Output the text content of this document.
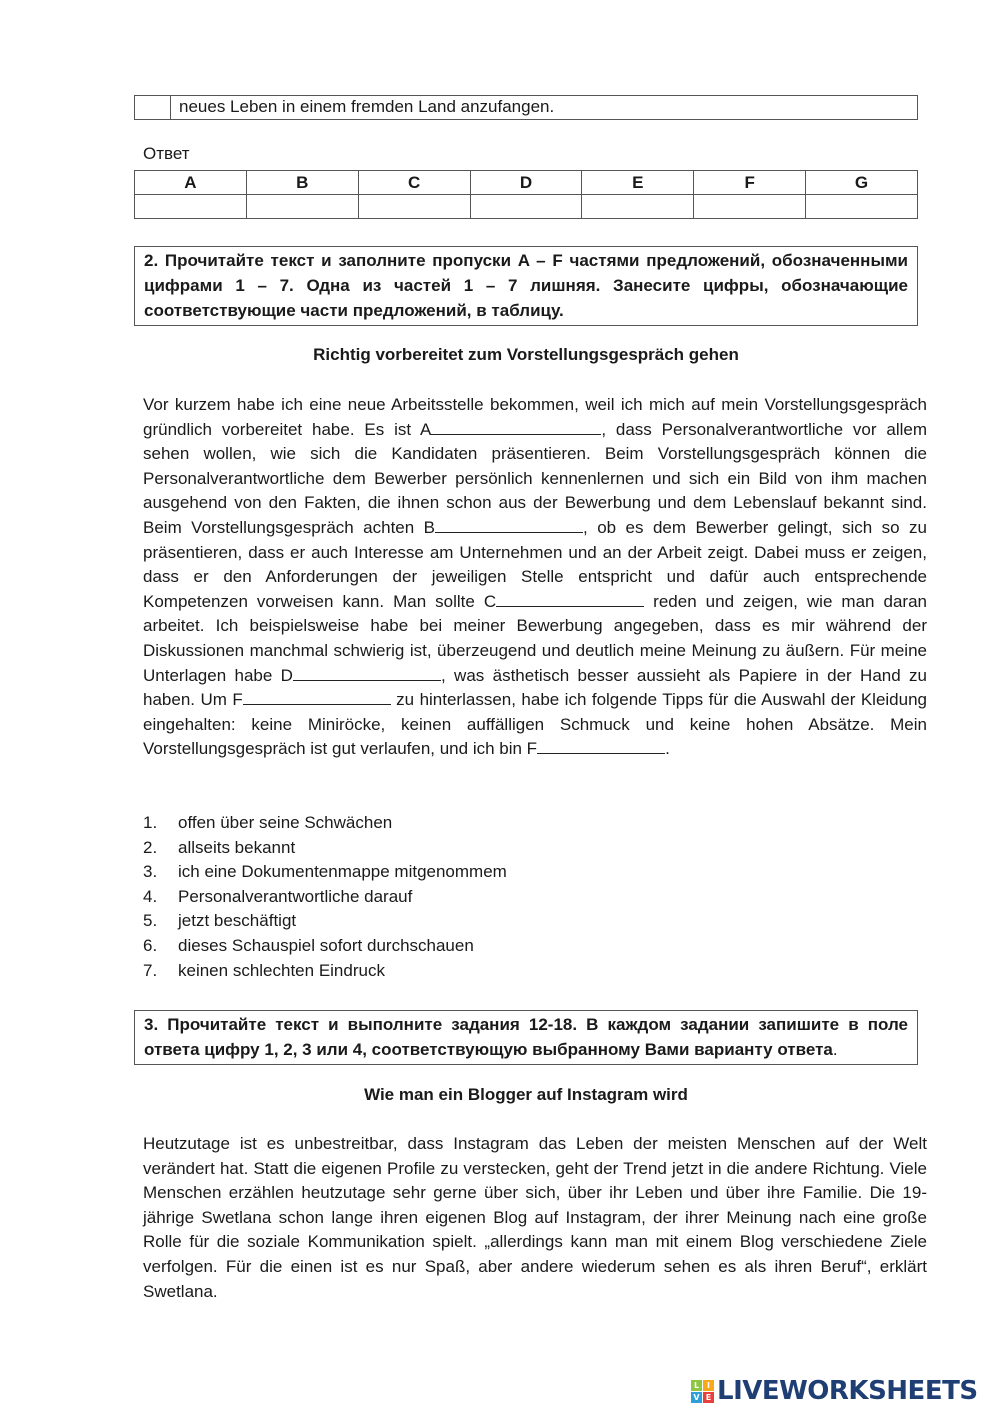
neues Leben in einem fremden Land anzufangen.
Ответ
A	B	C	D	E	F	G

2. Прочитайте текст и заполните пропуски A – F частями предложений, обозначенными цифрами 1 – 7. Одна из частей 1 – 7 лишняя. Занесите цифры, обозначающие соответствующие части предложений, в таблицу.
Richtig vorbereitet zum Vorstellungsgespräch gehen
Vor kurzem habe ich eine neue Arbeitsstelle bekommen, weil ich mich auf mein Vorstellungsgespräch gründlich vorbereitet habe. Es ist A	, dass Personalverantwortliche vor allem sehen wollen, wie sich die Kandidaten präsentieren. Beim Vorstellungsgespräch können die Personalverantwortliche dem Bewerber persönlich kennenlernen und sich ein Bild von ihm machen ausgehend von den Fakten, die ihnen schon aus der Bewerbung und dem Lebenslauf bekannt sind. Beim Vorstellungsgespräch achten B	, ob es dem Bewerber gelingt, sich so zu präsentieren, dass er auch Interesse am Unternehmen und an der Arbeit zeigt. Dabei muss er zeigen, dass er den Anforderungen der jeweiligen Stelle entspricht und dafür auch entsprechende Kompetenzen vorweisen kann. Man sollte C	reden und zeigen, wie man daran arbeitet. Ich beispielsweise habe bei meiner Bewerbung angegeben, dass es mir während der Diskussionen manchmal schwierig ist, überzeugend und deutlich meine Meinung zu äußern. Für meine Unterlagen habe D	, was ästhetisch besser aussieht als Papiere in der Hand zu haben. Um F	zu hinterlassen, habe ich folgende Tipps für die Auswahl der Kleidung eingehalten: keine Miniröcke, keinen auffälligen Schmuck und keine hohen Absätze. Mein Vorstellungsgespräch ist gut verlaufen, und ich bin F	.
1.	offen über seine Schwächen
2.	allseits bekannt
3.	ich eine Dokumentenmappe mitgenommem
4.	Personalverantwortliche darauf
5.	jetzt beschäftigt
6.	dieses Schauspiel sofort durchschauen
7.	keinen schlechten Eindruck
3. Прочитайте текст и выполните задания 12-18. В каждом задании запишите в поле ответа цифру 1, 2, 3 или 4, соответствующую выбранному Вами варианту ответа.
Wie man ein Blogger auf Instagram wird
Heutzutage ist es unbestreitbar, dass Instagram das Leben der meisten Menschen auf der Welt verändert hat. Statt die eigenen Profile zu verstecken, geht der Trend jetzt in die andere Richtung. Viele Menschen erzählen heutzutage sehr gerne über sich, über ihr Leben und über ihre Familie. Die 19-jährige Swetlana schon lange ihren eigenen Blog auf Instagram, der ihrer Meinung nach eine große Rolle für die soziale Kommunikation spielt. „allerdings kann man mit einem Blog verschiedene Ziele verfolgen. Für die einen ist es nur Spaß, aber andere wiederum sehen es als ihren Beruf“, erklärt Swetlana.
L I
V E LIVEWORKSHEETS
